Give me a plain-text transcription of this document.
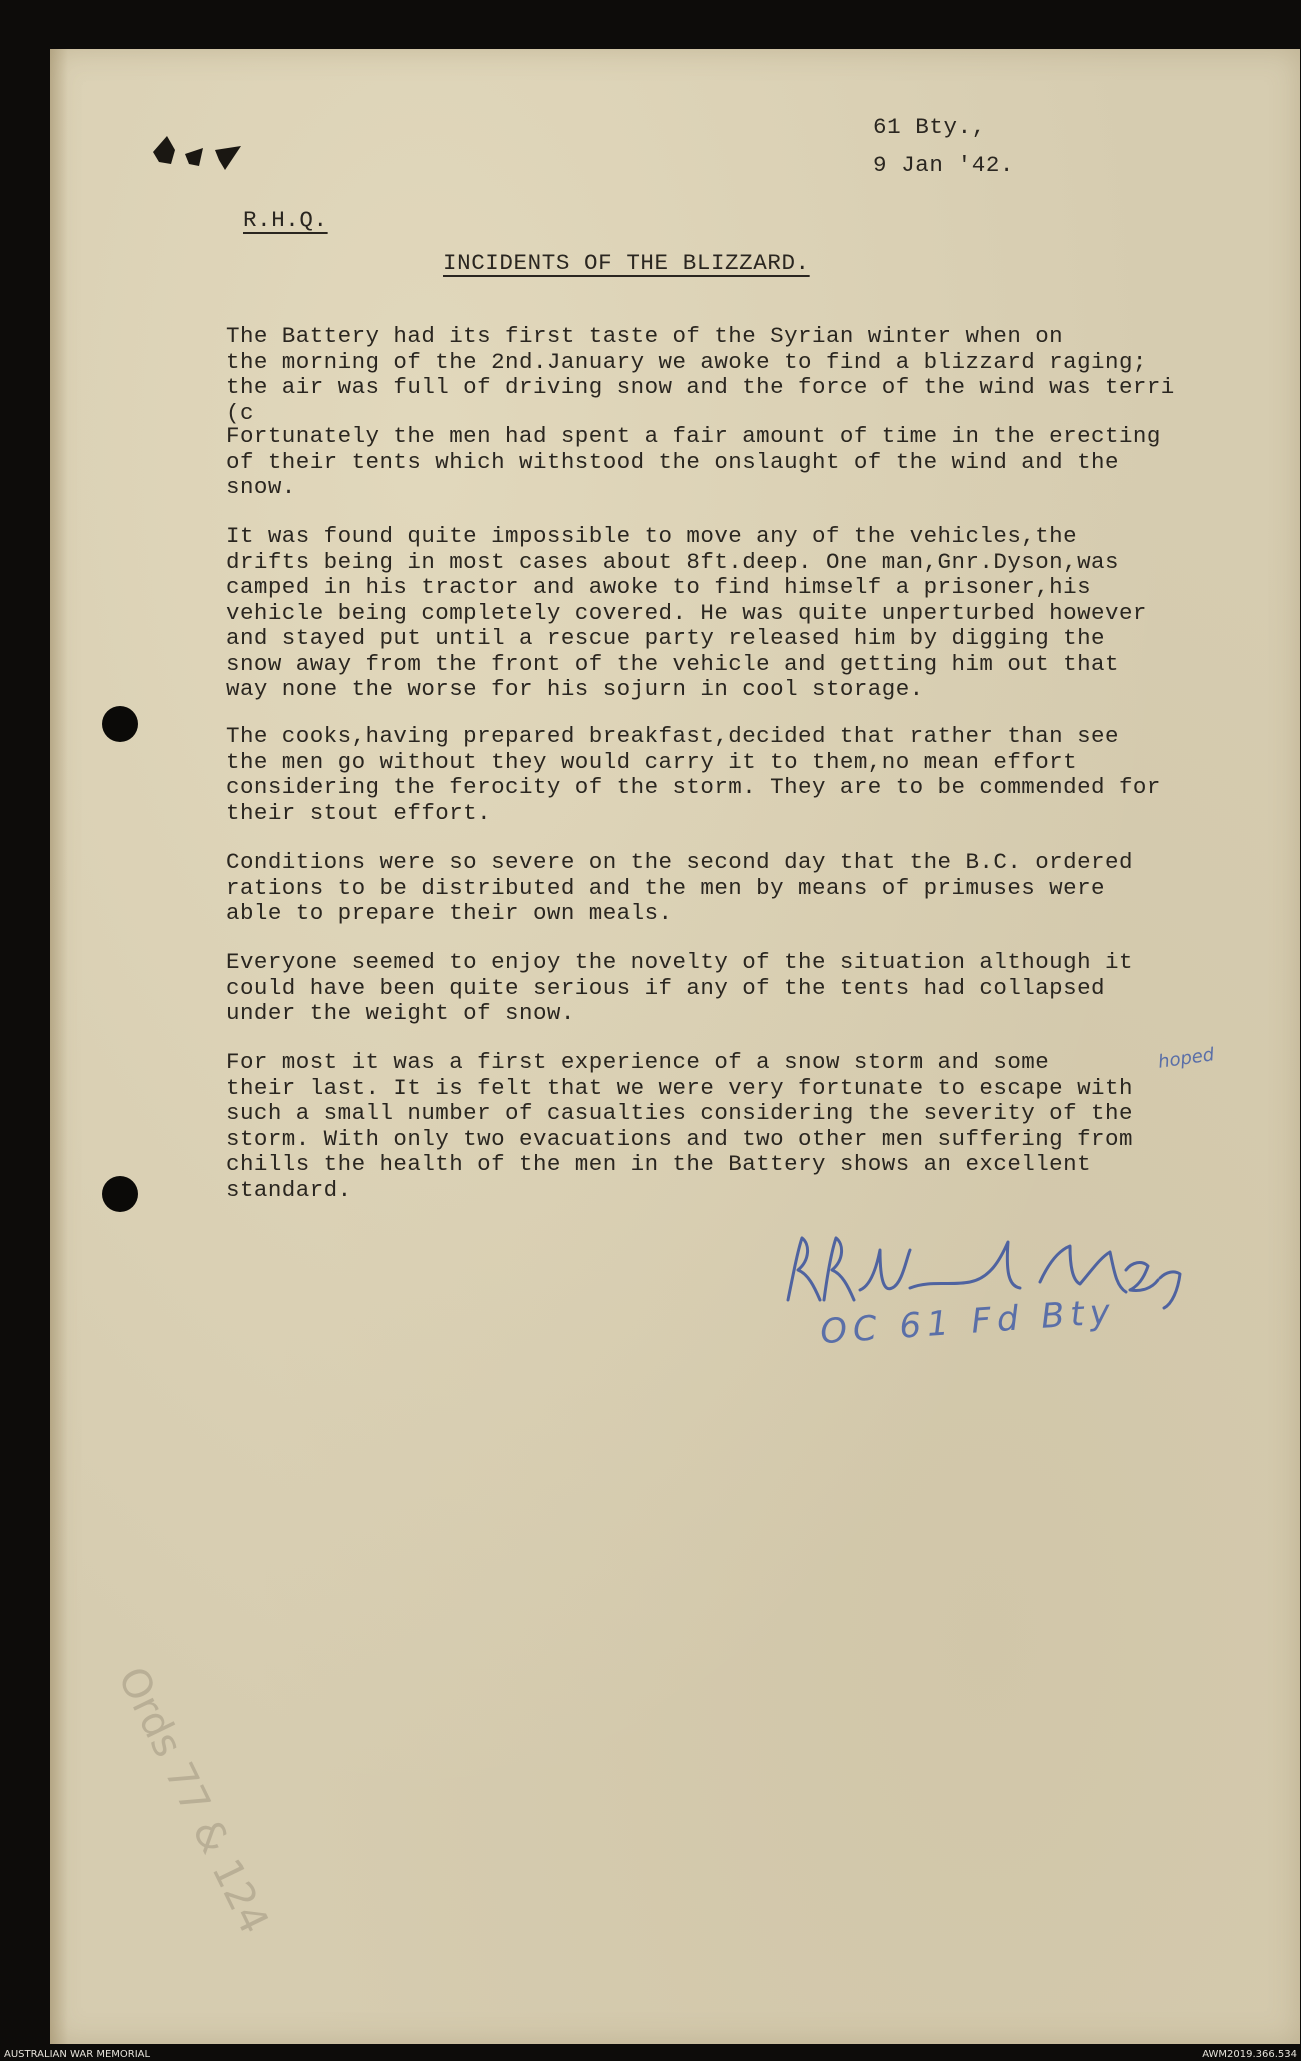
61 Bty.,

9 Jan '42.

R.H.Q.

INCIDENTS OF THE BLIZZARD.

The Battery had its first taste of the Syrian winter when on
the morning of the 2nd.January we awoke to find a blizzard raging;
the air was full of driving snow and the force of the wind was terri
(c

Fortunately the men had spent a fair amount of time in the erecting
of their tents which withstood the onslaught of the wind and the
snow.

It was found quite impossible to move any of the vehicles,the
drifts being in most cases about 8ft.deep. One man,Gnr.Dyson,was
camped in his tractor and awoke to find himself a prisoner,his
vehicle being completely covered. He was quite unperturbed however
and stayed put until a rescue party released him by digging the
snow away from the front of the vehicle and getting him out that
way none the worse for his sojurn in cool storage.

The cooks,having prepared breakfast,decided that rather than see
the men go without they would carry it to them,no mean effort
considering the ferocity of the storm. They are to be commended for
their stout effort.

Conditions were so severe on the second day that the B.C. ordered
rations to be distributed and the men by means of primuses were
able to prepare their own meals.

Everyone seemed to enjoy the novelty of the situation although it
could have been quite serious if any of the tents had collapsed
under the weight of snow.

For most it was a first experience of a snow storm and some
their last. It is felt that we were very fortunate to escape with
such a small number of casualties considering the severity of the
storm. With only two evacuations and two other men suffering from
chills the health of the men in the Battery shows an excellent
standard.

hoped

OC 61 Fd Bty

Ords 77 & 124

AUSTRALIAN WAR MEMORIAL	AWM2019.366.534
